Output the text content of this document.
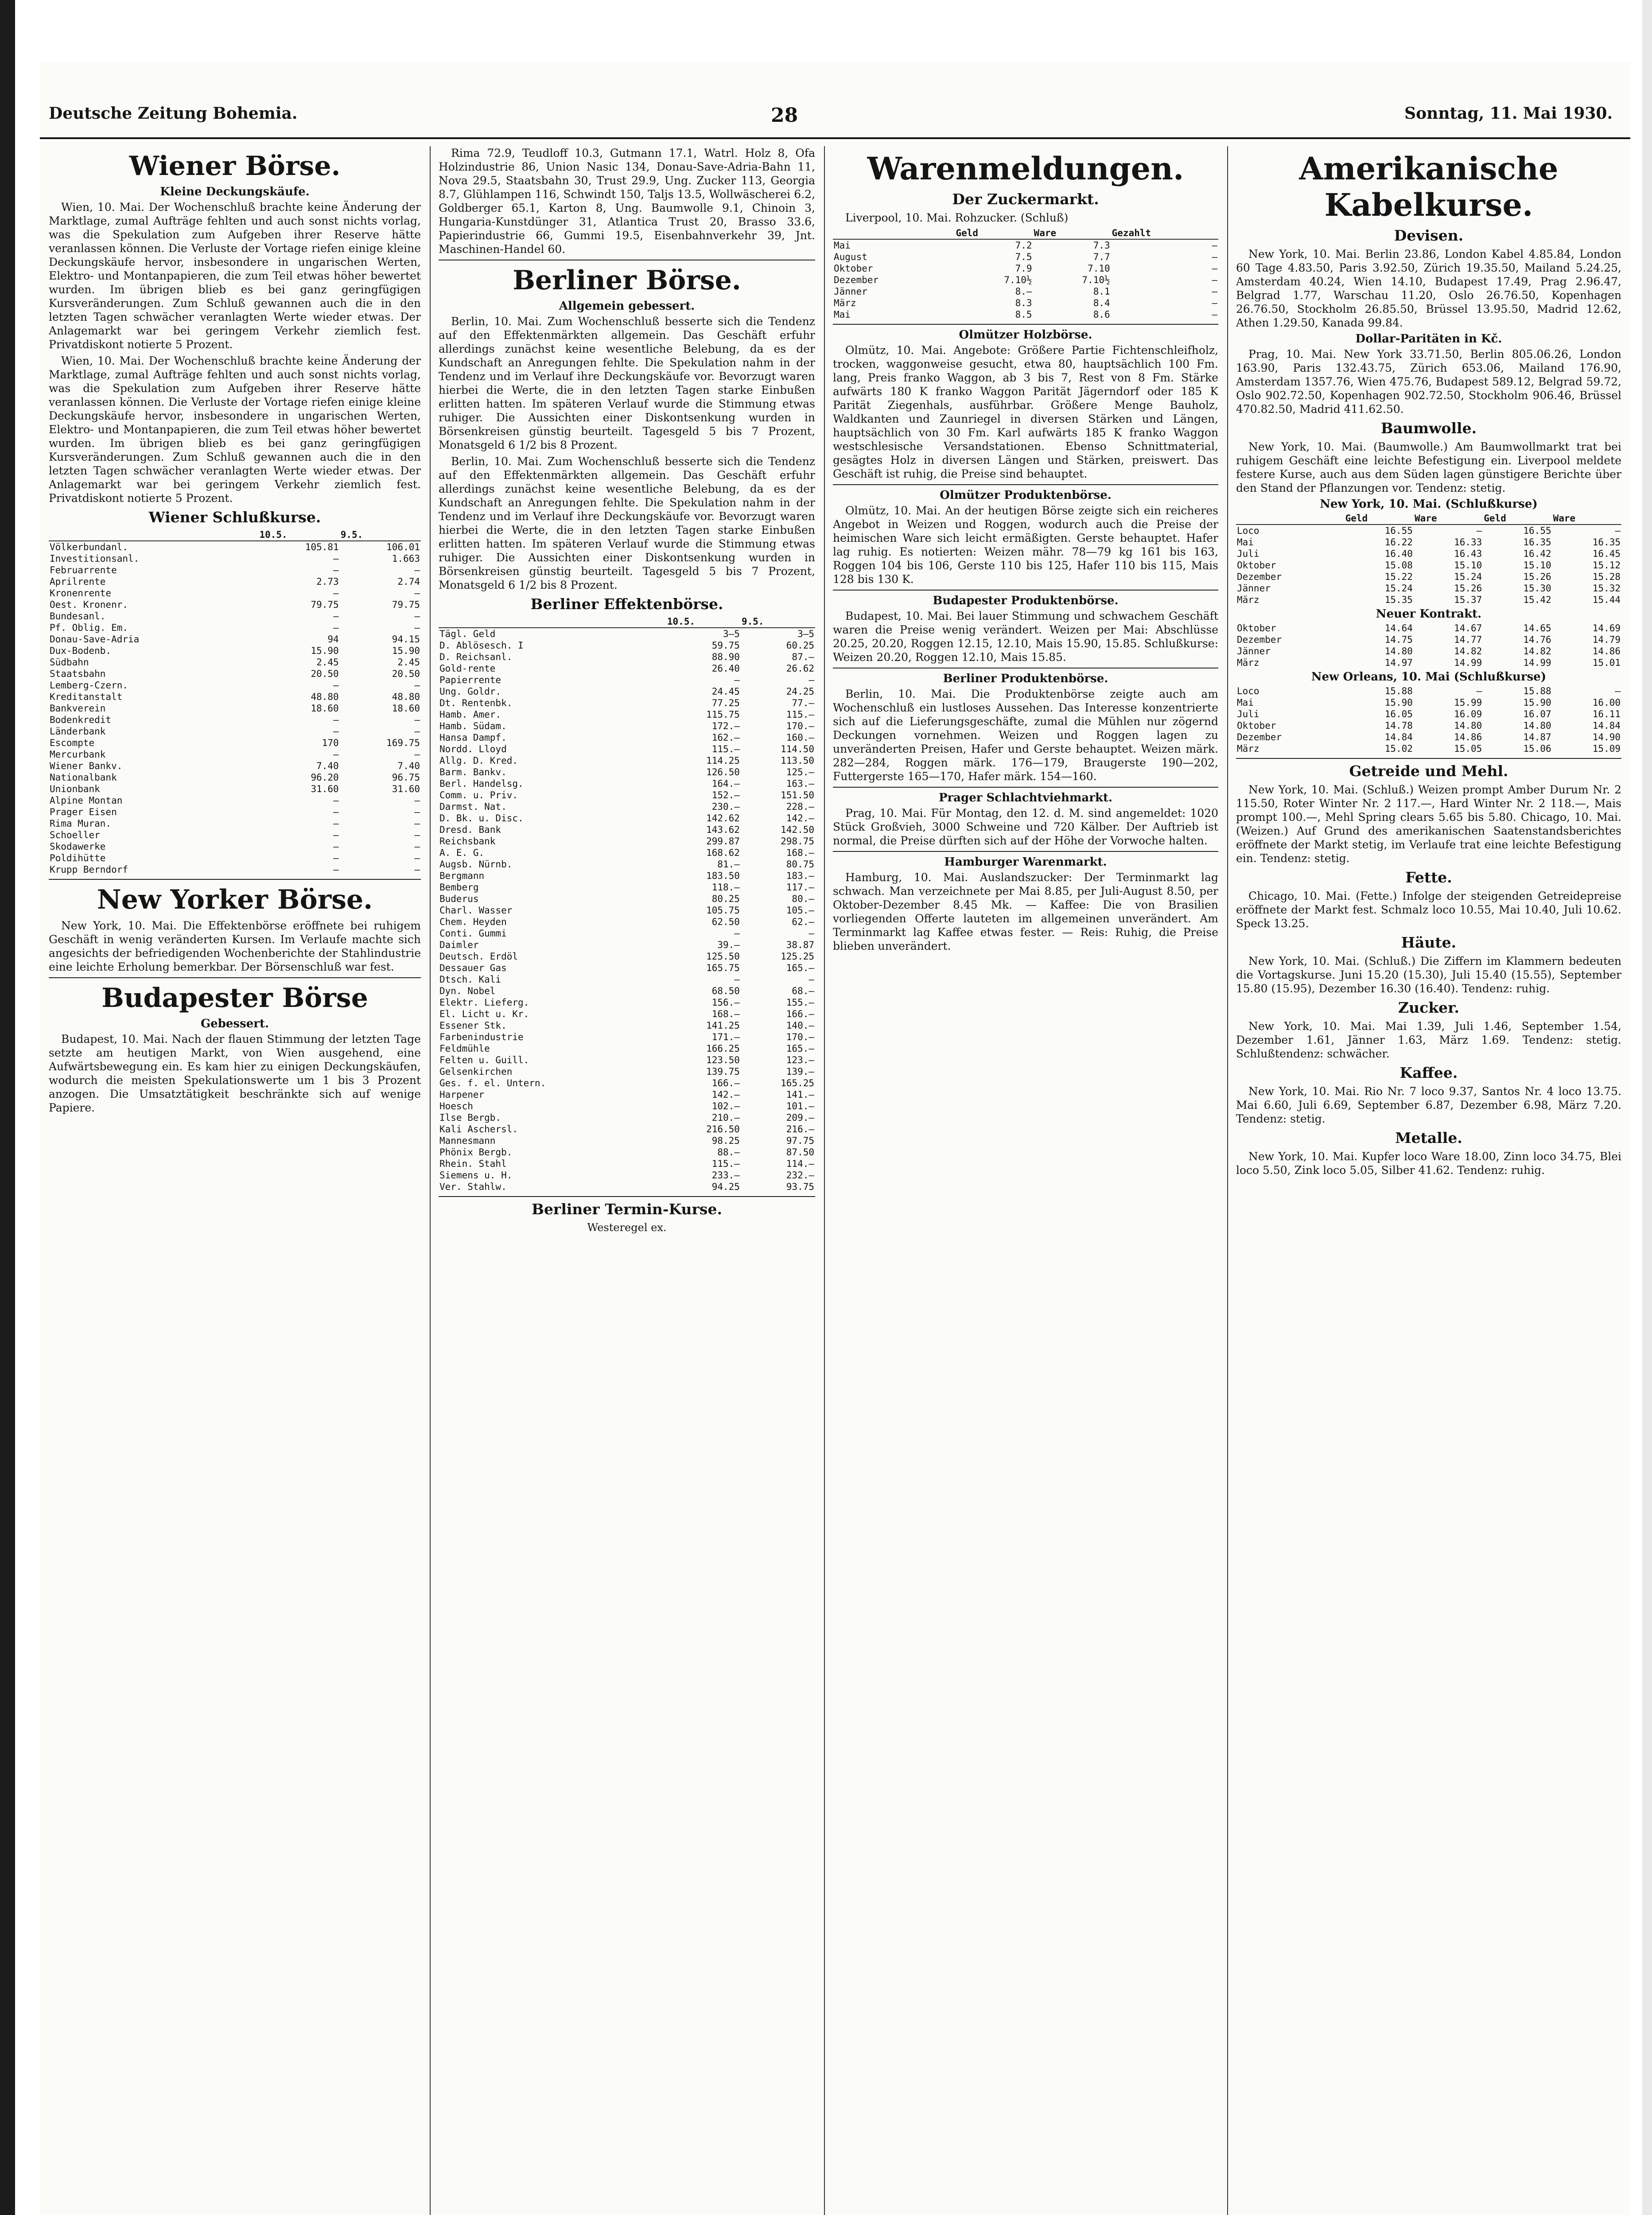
Deutsche Zeitung Bohemia.	28	Sonntag, 11. Mai 1930.
Wiener Börse.
Kleine Deckungskäufe.

Wien, 10. Mai. Der Wochenschluß brachte keine Änderung der Marktlage, zumal Aufträge fehlten und auch sonst nichts vorlag, was die Spekulation zum Aufgeben ihrer Reserve hätte veranlassen können. Die Verluste der Vortage riefen einige kleine Deckungskäufe hervor, insbesondere in ungarischen Werten, Elektro- und Montanpapieren, die zum Teil etwas höher bewertet wurden. Im übrigen blieb es bei ganz geringfügigen Kursveränderungen. Zum Schluß gewannen auch die in den letzten Tagen schwächer veranlagten Werte wieder etwas. Der Anlagemarkt war bei geringem Verkehr ziemlich fest. Privatdiskont notierte 5 Prozent.

Wien, 10. Mai. Der Wochenschluß brachte keine Änderung der Marktlage, zumal Aufträge fehlten und auch sonst nichts vorlag, was die Spekulation zum Aufgeben ihrer Reserve hätte veranlassen können. Die Verluste der Vortage riefen einige kleine Deckungskäufe hervor, insbesondere in ungarischen Werten, Elektro- und Montanpapieren, die zum Teil etwas höher bewertet wurden. Im übrigen blieb es bei ganz geringfügigen Kursveränderungen. Zum Schluß gewannen auch die in den letzten Tagen schwächer veranlagten Werte wieder etwas. Der Anlagemarkt war bei geringem Verkehr ziemlich fest. Privatdiskont notierte 5 Prozent.

Wiener Schlußkurse.
	10.5.	9.5.
Völkerbundanl.	105.81	106.01
Investitionsanl.	—	1.663
Februarrente	—	—
Aprilrente	2.73	2.74
Kronenrente	—	—
Oest. Kronenr.	79.75	79.75
Bundesanl.	—	—
Pf. Oblig. Em.	—	—
Donau-Save-Adria	94	94.15
Dux-Bodenb.	15.90	15.90
Südbahn	2.45	2.45
Staatsbahn	20.50	20.50
Lemberg-Czern.	—	—
Kreditanstalt	48.80	48.80
Bankverein	18.60	18.60
Bodenkredit	—	—
Länderbank	—	—
Escompte	170	169.75
Mercurbank	—	—
Wiener Bankv.	7.40	7.40
Nationalbank	96.20	96.75
Unionbank	31.60	31.60
Alpine Montan	—	—
Prager Eisen	—	—
Rima Muran.	—	—
Schoeller	—	—
Skodawerke	—	—
Poldihütte	—	—
Krupp Berndorf	—	—
New Yorker Börse.

New York, 10. Mai. Die Effektenbörse eröffnete bei ruhigem Geschäft in wenig veränderten Kursen. Im Verlaufe machte sich angesichts der befriedigenden Wochenberichte der Stahlindustrie eine leichte Erholung bemerkbar. Der Börsenschluß war fest.

Budapester Börse
Gebessert.

Budapest, 10. Mai. Nach der flauen Stimmung der letzten Tage setzte am heutigen Markt, von Wien ausgehend, eine Aufwärtsbewegung ein. Es kam hier zu einigen Deckungskäufen, wodurch die meisten Spekulationswerte um 1 bis 3 Prozent anzogen. Die Umsatztätigkeit beschränkte sich auf wenige Papiere.

Rima 72.9, Teudloff 10.3, Gutmann 17.1, Watrl. Holz 8, Ofa Holzindustrie 86, Union Nasic 134, Donau-Save-Adria-Bahn 11, Nova 29.5, Staatsbahn 30, Trust 29.9, Ung. Zucker 113, Georgia 8.7, Glühlampen 116, Schwindt 150, Taljs 13.5, Wollwäscherei 6.2, Goldberger 65.1, Karton 8, Ung. Baumwolle 9.1, Chinoin 3, Hungaria-Kunstdünger 31, Atlantica Trust 20, Brasso 33.6, Papierindustrie 66, Gummi 19.5, Eisenbahnverkehr 39, Jnt. Maschinen-Handel 60.

Berliner Börse.
Allgemein gebessert.

Berlin, 10. Mai. Zum Wochenschluß besserte sich die Tendenz auf den Effektenmärkten allgemein. Das Geschäft erfuhr allerdings zunächst keine wesentliche Belebung, da es der Kundschaft an Anregungen fehlte. Die Spekulation nahm in der Tendenz und im Verlauf ihre Deckungskäufe vor. Bevorzugt waren hierbei die Werte, die in den letzten Tagen starke Einbußen erlitten hatten. Im späteren Verlauf wurde die Stimmung etwas ruhiger. Die Aussichten einer Diskontsenkung wurden in Börsenkreisen günstig beurteilt. Tagesgeld 5 bis 7 Prozent, Monatsgeld 6 1/2 bis 8 Prozent.

Berlin, 10. Mai. Zum Wochenschluß besserte sich die Tendenz auf den Effektenmärkten allgemein. Das Geschäft erfuhr allerdings zunächst keine wesentliche Belebung, da es der Kundschaft an Anregungen fehlte. Die Spekulation nahm in der Tendenz und im Verlauf ihre Deckungskäufe vor. Bevorzugt waren hierbei die Werte, die in den letzten Tagen starke Einbußen erlitten hatten. Im späteren Verlauf wurde die Stimmung etwas ruhiger. Die Aussichten einer Diskontsenkung wurden in Börsenkreisen günstig beurteilt. Tagesgeld 5 bis 7 Prozent, Monatsgeld 6 1/2 bis 8 Prozent.

Berliner Effektenbörse.
	10.5.	9.5.
Tägl. Geld	3—5	3—5
D. Ablösesch. I	59.75	60.25
D. Reichsanl.	88.90	87.—
Gold-rente	26.40	26.62
Papierrente	—	—
Ung. Goldr.	24.45	24.25
Dt. Rentenbk.	77.25	77.—
Hamb. Amer.	115.75	115.—
Hamb. Südam.	172.—	170.—
Hansa Dampf.	162.—	160.—
Nordd. Lloyd	115.—	114.50
Allg. D. Kred.	114.25	113.50
Barm. Bankv.	126.50	125.—
Berl. Handelsg.	164.—	163.—
Comm. u. Priv.	152.—	151.50
Darmst. Nat.	230.—	228.—
D. Bk. u. Disc.	142.62	142.—
Dresd. Bank	143.62	142.50
Reichsbank	299.87	298.75
A. E. G.	168.62	168.—
Augsb. Nürnb.	81.—	80.75
Bergmann	183.50	183.—
Bemberg	118.—	117.—
Buderus	80.25	80.—
Charl. Wasser	105.75	105.—
Chem. Heyden	62.50	62.—
Conti. Gummi	—	—
Daimler	39.—	38.87
Deutsch. Erdöl	125.50	125.25
Dessauer Gas	165.75	165.—
Dtsch. Kali	—	—
Dyn. Nobel	68.50	68.—
Elektr. Lieferg.	156.—	155.—
El. Licht u. Kr.	168.—	166.—
Essener Stk.	141.25	140.—
Farbenindustrie	171.—	170.—
Feldmühle	166.25	165.—
Felten u. Guill.	123.50	123.—
Gelsenkirchen	139.75	139.—
Ges. f. el. Untern.	166.—	165.25
Harpener	142.—	141.—
Hoesch	102.—	101.—
Ilse Bergb.	210.—	209.—
Kali Aschersl.	216.50	216.—
Mannesmann	98.25	97.75
Phönix Bergb.	88.—	87.50
Rhein. Stahl	115.—	114.—
Siemens u. H.	233.—	232.—
Ver. Stahlw.	94.25	93.75
Berliner Termin-Kurse.
Westeregel ex.
Warenmeldungen.
Der Zuckermarkt.

Liverpool, 10. Mai. Rohzucker. (Schluß)

	Geld	Ware	Gezahlt
Mai	7.2	7.3	—
August	7.5	7.7	—
Oktober	7.9	7.10	—
Dezember	7.10½	7.10½	—
Jänner	8.—	8.1	—
März	8.3	8.4	—
Mai	8.5	8.6	—
Olmützer Holzbörse.

Olmütz, 10. Mai. Angebote: Größere Partie Fichtenschleifholz, trocken, waggonweise gesucht, etwa 80, hauptsächlich 100 Fm. lang, Preis franko Waggon, ab 3 bis 7, Rest von 8 Fm. Stärke aufwärts 180 K franko Waggon Parität Jägerndorf oder 185 K Parität Ziegenhals, ausführbar. Größere Menge Bauholz, Waldkanten und Zaunriegel in diversen Stärken und Längen, hauptsächlich von 30 Fm. Karl aufwärts 185 K franko Waggon westschlesische Versandstationen. Ebenso Schnittmaterial, gesägtes Holz in diversen Längen und Stärken, preiswert. Das Geschäft ist ruhig, die Preise sind behauptet.

Olmützer Produktenbörse.

Olmütz, 10. Mai. An der heutigen Börse zeigte sich ein reicheres Angebot in Weizen und Roggen, wodurch auch die Preise der heimischen Ware sich leicht ermäßigten. Gerste behauptet. Hafer lag ruhig. Es notierten: Weizen mähr. 78—79 kg 161 bis 163, Roggen 104 bis 106, Gerste 110 bis 125, Hafer 110 bis 115, Mais 128 bis 130 K.

Budapester Produktenbörse.

Budapest, 10. Mai. Bei lauer Stimmung und schwachem Geschäft waren die Preise wenig verändert. Weizen per Mai: Abschlüsse 20.25, 20.20, Roggen 12.15, 12.10, Mais 15.90, 15.85. Schlußkurse: Weizen 20.20, Roggen 12.10, Mais 15.85.

Berliner Produktenbörse.

Berlin, 10. Mai. Die Produktenbörse zeigte auch am Wochenschluß ein lustloses Aussehen. Das Interesse konzentrierte sich auf die Lieferungsgeschäfte, zumal die Mühlen nur zögernd Deckungen vornehmen. Weizen und Roggen lagen zu unveränderten Preisen, Hafer und Gerste behauptet. Weizen märk. 282—284, Roggen märk. 176—179, Braugerste 190—202, Futtergerste 165—170, Hafer märk. 154—160.

Prager Schlachtviehmarkt.

Prag, 10. Mai. Für Montag, den 12. d. M. sind angemeldet: 1020 Stück Großvieh, 3000 Schweine und 720 Kälber. Der Auftrieb ist normal, die Preise dürften sich auf der Höhe der Vorwoche halten.

Hamburger Warenmarkt.

Hamburg, 10. Mai. Auslandszucker: Der Terminmarkt lag schwach. Man verzeichnete per Mai 8.85, per Juli-August 8.50, per Oktober-Dezember 8.45 Mk. — Kaffee: Die von Brasilien vorliegenden Offerte lauteten im allgemeinen unverändert. Am Terminmarkt lag Kaffee etwas fester. — Reis: Ruhig, die Preise blieben unverändert.

Amerikanische Kabelkurse.
Devisen.

New York, 10. Mai. Berlin 23.86, London Kabel 4.85.84, London 60 Tage 4.83.50, Paris 3.92.50, Zürich 19.35.50, Mailand 5.24.25, Amsterdam 40.24, Wien 14.10, Budapest 17.49, Prag 2.96.47, Belgrad 1.77, Warschau 11.20, Oslo 26.76.50, Kopenhagen 26.76.50, Stockholm 26.85.50, Brüssel 13.95.50, Madrid 12.62, Athen 1.29.50, Kanada 99.84.

Dollar-Paritäten in Kč.

Prag, 10. Mai. New York 33.71.50, Berlin 805.06.26, London 163.90, Paris 132.43.75, Zürich 653.06, Mailand 176.90, Amsterdam 1357.76, Wien 475.76, Budapest 589.12, Belgrad 59.72, Oslo 902.72.50, Kopenhagen 902.72.50, Stockholm 906.46, Brüssel 470.82.50, Madrid 411.62.50.

Baumwolle.

New York, 10. Mai. (Baumwolle.) Am Baumwollmarkt trat bei ruhigem Geschäft eine leichte Befestigung ein. Liverpool meldete festere Kurse, auch aus dem Süden lagen günstigere Berichte über den Stand der Pflanzungen vor. Tendenz: stetig.

New York, 10. Mai. (Schlußkurse)
	Geld	Ware	Geld	Ware
Loco	16.55	—	16.55	—
Mai	16.22	16.33	16.35	16.35
Juli	16.40	16.43	16.42	16.45
Oktober	15.08	15.10	15.10	15.12
Dezember	15.22	15.24	15.26	15.28
Jänner	15.24	15.26	15.30	15.32
März	15.35	15.37	15.42	15.44
Neuer Kontrakt.
Oktober	14.64	14.67	14.65	14.69
Dezember	14.75	14.77	14.76	14.79
Jänner	14.80	14.82	14.82	14.86
März	14.97	14.99	14.99	15.01
New Orleans, 10. Mai (Schlußkurse)
Loco	15.88	—	15.88	—
Mai	15.90	15.99	15.90	16.00
Juli	16.05	16.09	16.07	16.11
Oktober	14.78	14.80	14.80	14.84
Dezember	14.84	14.86	14.87	14.90
März	15.02	15.05	15.06	15.09
Getreide und Mehl.

New York, 10. Mai. (Schluß.) Weizen prompt Amber Durum Nr. 2 115.50, Roter Winter Nr. 2 117.—, Hard Winter Nr. 2 118.—, Mais prompt 100.—, Mehl Spring clears 5.65 bis 5.80. Chicago, 10. Mai. (Weizen.) Auf Grund des amerikanischen Saatenstandsberichtes eröffnete der Markt stetig, im Verlaufe trat eine leichte Befestigung ein. Tendenz: stetig.

Fette.

Chicago, 10. Mai. (Fette.) Infolge der steigenden Getreidepreise eröffnete der Markt fest. Schmalz loco 10.55, Mai 10.40, Juli 10.62. Speck 13.25.

Häute.

New York, 10. Mai. (Schluß.) Die Ziffern im Klammern bedeuten die Vortagskurse. Juni 15.20 (15.30), Juli 15.40 (15.55), September 15.80 (15.95), Dezember 16.30 (16.40). Tendenz: ruhig.

Zucker.

New York, 10. Mai. Mai 1.39, Juli 1.46, September 1.54, Dezember 1.61, Jänner 1.63, März 1.69. Tendenz: stetig. Schlußtendenz: schwächer.

Kaffee.

New York, 10. Mai. Rio Nr. 7 loco 9.37, Santos Nr. 4 loco 13.75. Mai 6.60, Juli 6.69, September 6.87, Dezember 6.98, März 7.20. Tendenz: stetig.

Metalle.

New York, 10. Mai. Kupfer loco Ware 18.00, Zinn loco 34.75, Blei loco 5.50, Zink loco 5.05, Silber 41.62. Tendenz: ruhig.
